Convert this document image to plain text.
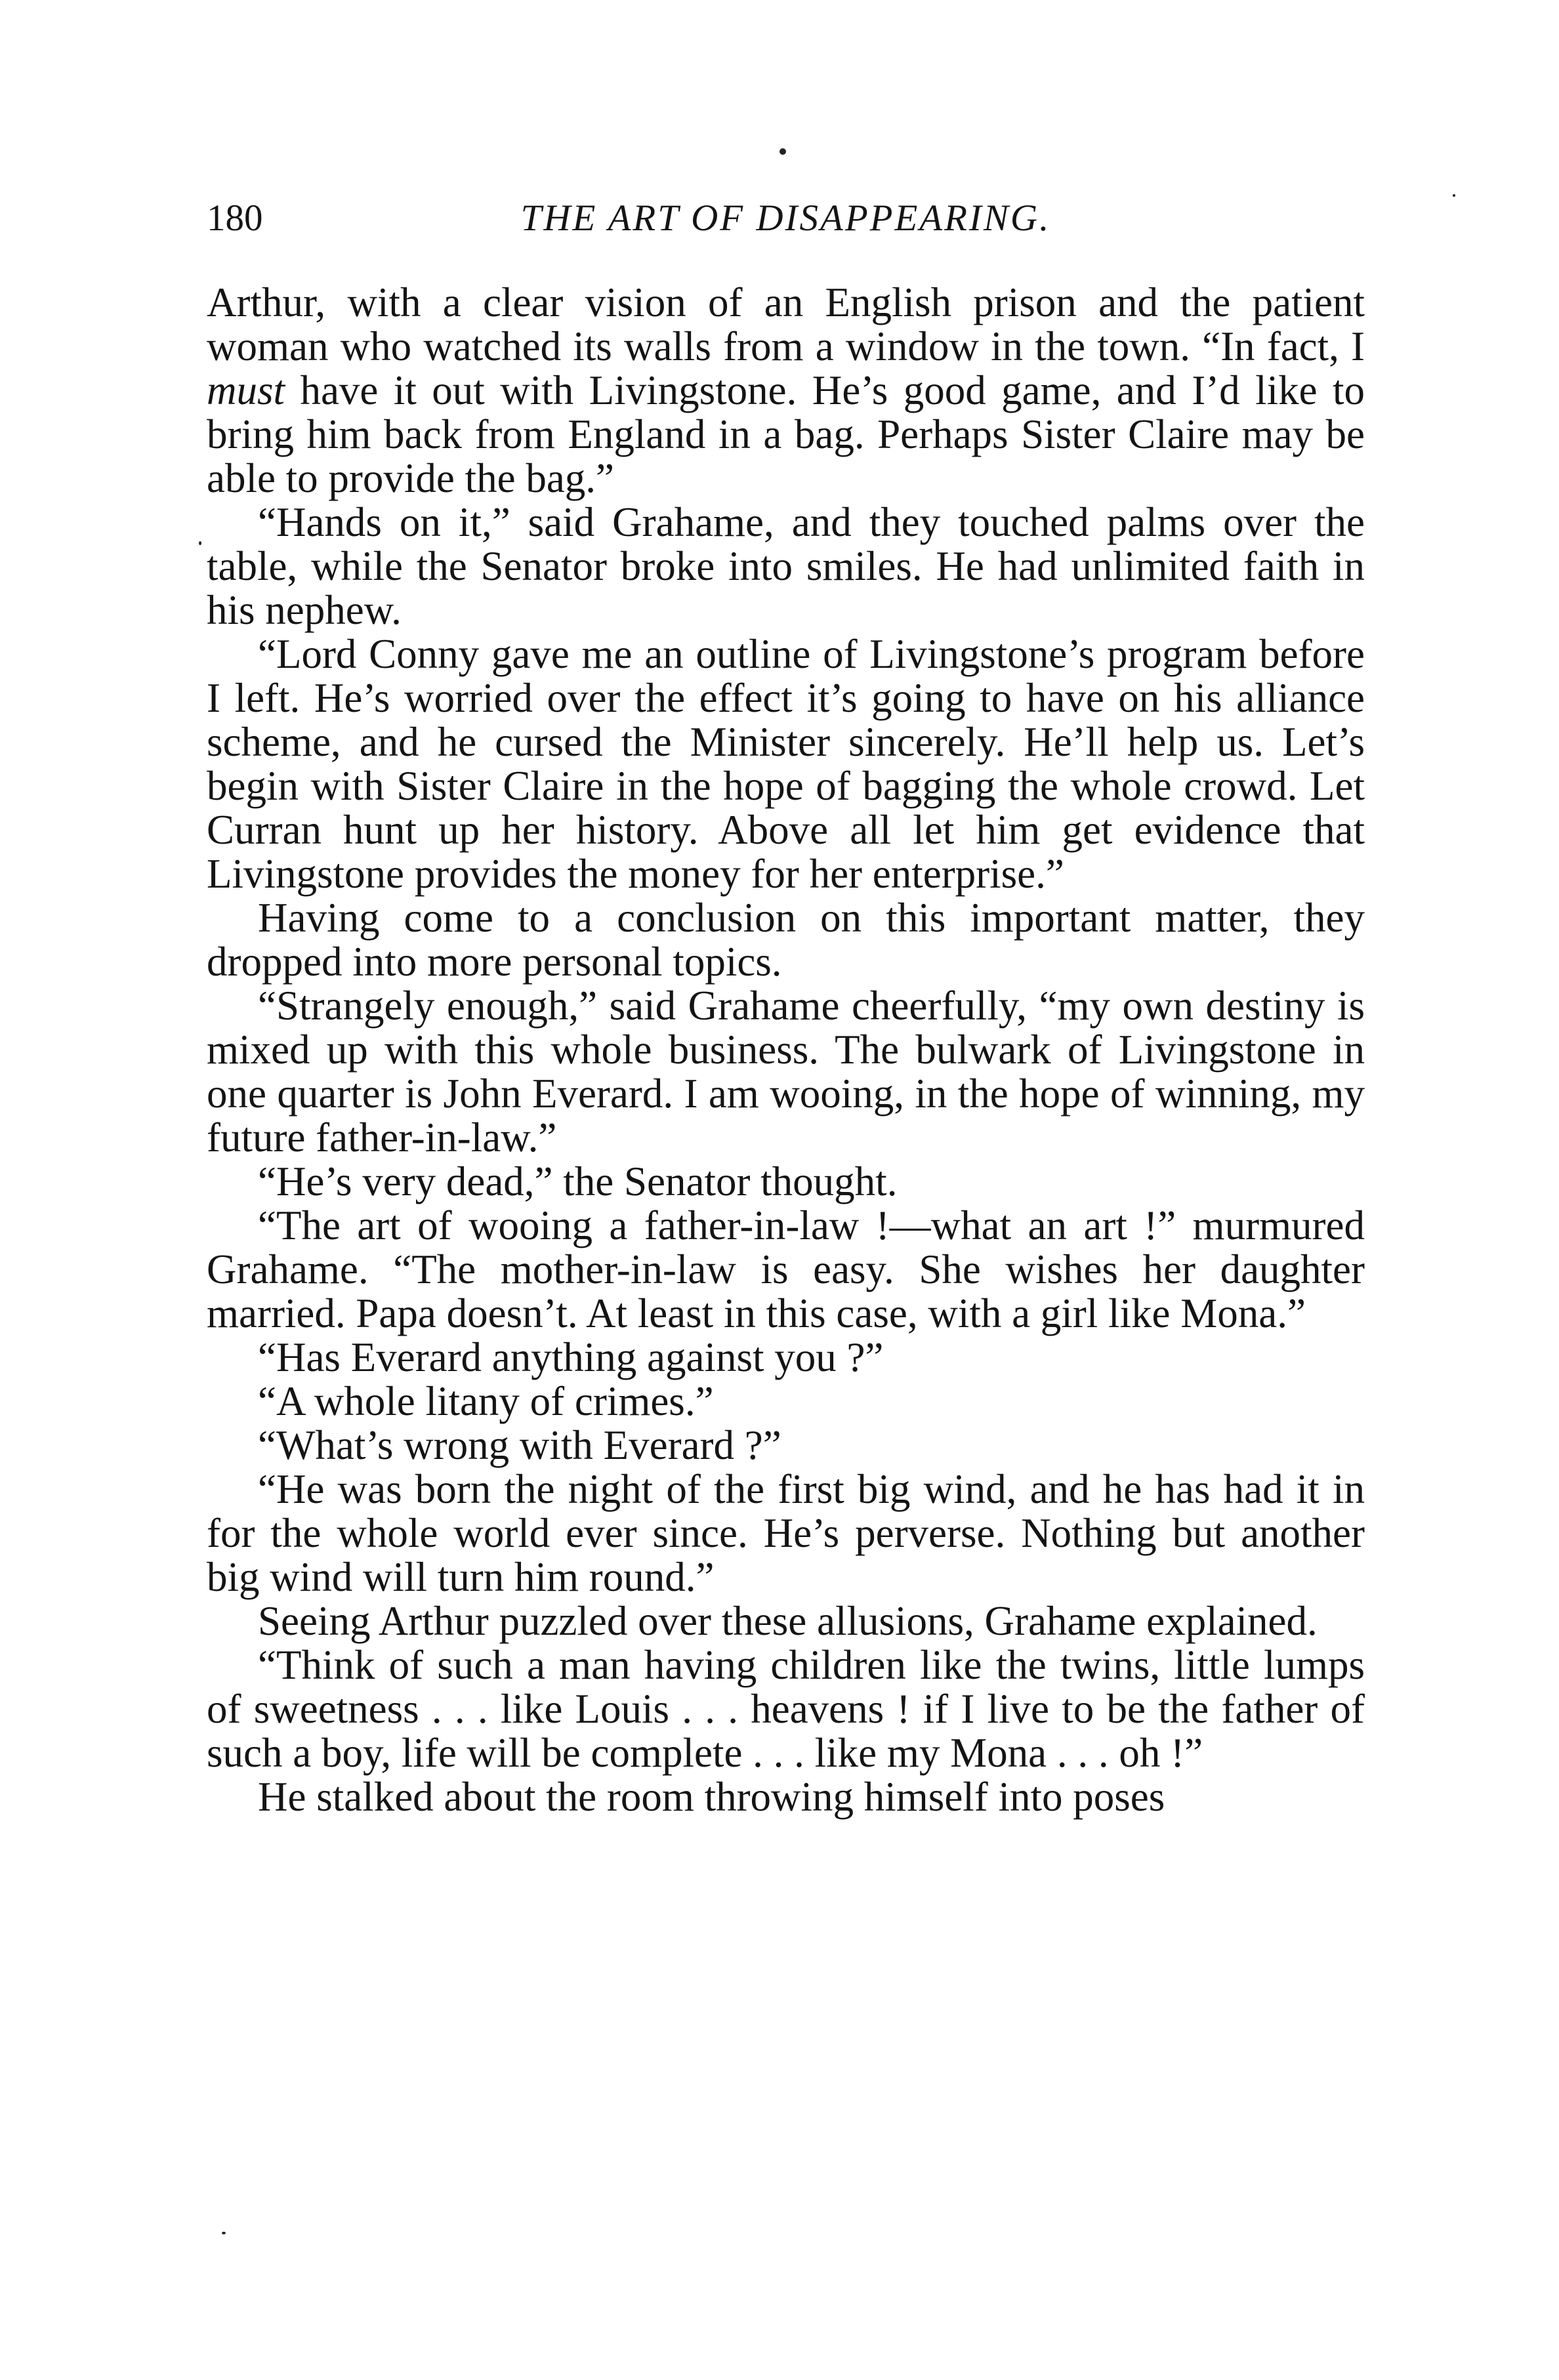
180	THE ART OF DISAPPEARING.

Arthur, with a clear vision of an English prison and the patient woman who watched its walls from a window in the town. “In fact, I must have it out with Livingstone. He’s good game, and I’d like to bring him back from England in a bag. Perhaps Sister Claire may be able to provide the bag.”

“Hands on it,” said Grahame, and they touched palms over the table, while the Senator broke into smiles. He had unlimited faith in his nephew.

“Lord Conny gave me an outline of Livingstone’s program before I left. He’s worried over the effect it’s going to have on his alliance scheme, and he cursed the Minister sincerely. He’ll help us. Let’s begin with Sister Claire in the hope of bagging the whole crowd. Let Curran hunt up her history. Above all let him get evidence that Livingstone provides the money for her enterprise.”

Having come to a conclusion on this important matter, they dropped into more personal topics.

“Strangely enough,” said Grahame cheerfully, “my own destiny is mixed up with this whole business. The bulwark of Livingstone in one quarter is John Everard. I am wooing, in the hope of winning, my future father-in-law.”

“He’s very dead,” the Senator thought.

“The art of wooing a father-in-law !—what an art !” murmured Grahame. “The mother-in-law is easy. She wishes her daughter married. Papa doesn’t. At least in this case, with a girl like Mona.”

“Has Everard anything against you ?”

“A whole litany of crimes.”

“What’s wrong with Everard ?”

“He was born the night of the first big wind, and he has had it in for the whole world ever since. He’s perverse. Nothing but another big wind will turn him round.”

Seeing Arthur puzzled over these allusions, Grahame explained.

“Think of such a man having children like the twins, little lumps of sweetness . . . like Louis . . . heavens ! if I live to be the father of such a boy, life will be complete . . . like my Mona . . . oh !”

He stalked about the room throwing himself into poses
